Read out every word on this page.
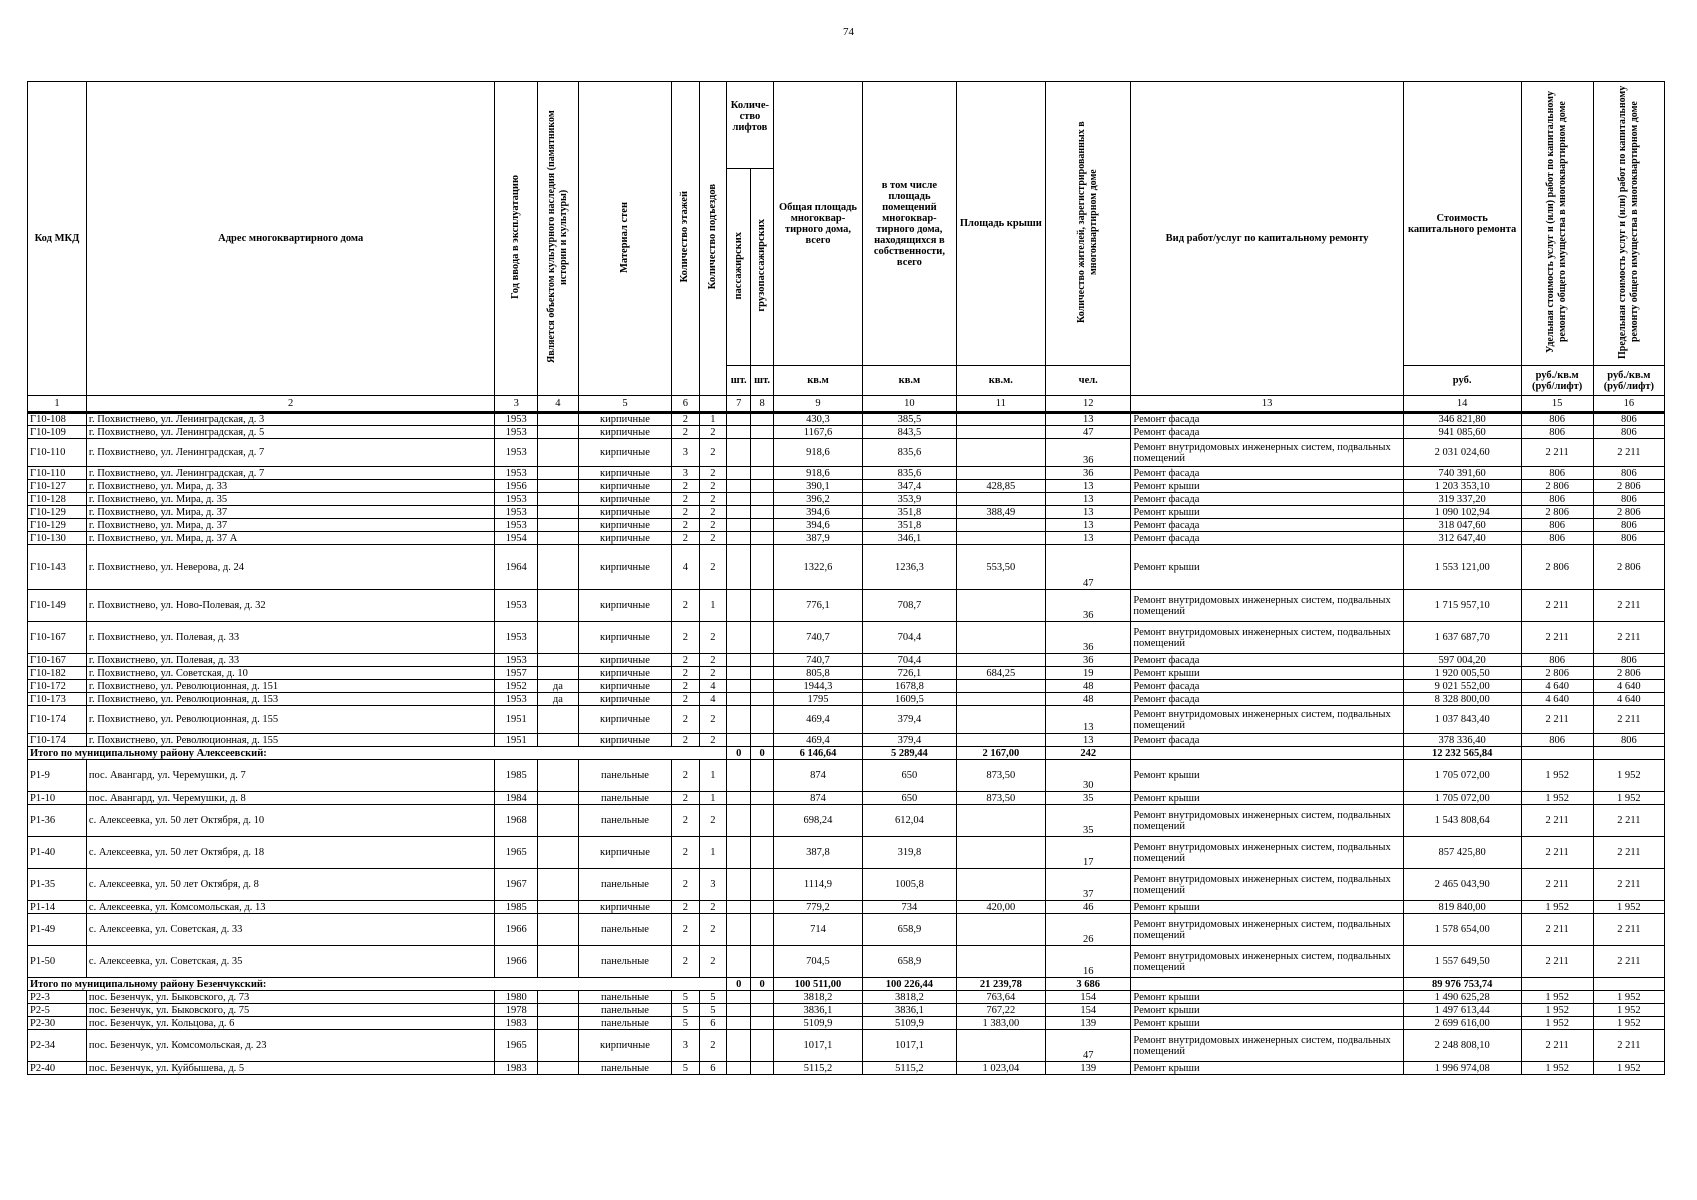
74
Код МКД	Адрес многоквартирного дома	Год ввода в эксплуатацию	Является объектом культурного наследия (памятником истории и культуры)	Материал стен	Количество этажей	Количество подъездов	Количе-ство лифтов		Общая площадь многоквар-тирного дома, всего	в том числе площадь помещений многоквар-тирного дома, находящихся в собственности, всего	Площадь крыши	Количество жителей, зарегистрированных в многоквартирном доме	Вид работ/услуг по капитальному ремонту	Стоимость капитального ремонта	Удельная стоимость услуг и (или) работ по капитальному ремонту общего имущества в многоквартирном доме	Предельная стоимость услуг и (или) работ по капитальному ремонту общего имущества в многоквартирном доме
							пассажирских	грузопассажирских								
							шт.	шт.	кв.м	кв.м	кв.м.	чел.		руб.	руб./кв.м (руб/лифт)	руб./кв.м (руб/лифт)
1	2	3	4	5	6		7	8	9	10	11	12	13	14	15	16
Г10-108	г. Похвистнево, ул. Ленинградская, д. 3	1953		кирпичные	2	1			430,3	385,5		13	Ремонт фасада	346 821,80	806	806
Г10-109	г. Похвистнево, ул. Ленинградская, д. 5	1953		кирпичные	2	2			1167,6	843,5		47	Ремонт фасада	941 085,60	806	806
Г10-110	г. Похвистнево, ул. Ленинградская, д. 7	1953		кирпичные	3	2			918,6	835,6		36	Ремонт внутридомовых инженерных систем, подвальных помещений	2 031 024,60	2 211	2 211
Г10-110	г. Похвистнево, ул. Ленинградская, д. 7	1953		кирпичные	3	2			918,6	835,6		36	Ремонт фасада	740 391,60	806	806
Г10-127	г. Похвистнево, ул. Мира, д. 33	1956		кирпичные	2	2			390,1	347,4	428,85	13	Ремонт крыши	1 203 353,10	2 806	2 806
Г10-128	г. Похвистнево, ул. Мира, д. 35	1953		кирпичные	2	2			396,2	353,9		13	Ремонт фасада	319 337,20	806	806
Г10-129	г. Похвистнево, ул. Мира, д. 37	1953		кирпичные	2	2			394,6	351,8	388,49	13	Ремонт крыши	1 090 102,94	2 806	2 806
Г10-129	г. Похвистнево, ул. Мира, д. 37	1953		кирпичные	2	2			394,6	351,8		13	Ремонт фасада	318 047,60	806	806
Г10-130	г. Похвистнево, ул. Мира, д. 37 А	1954		кирпичные	2	2			387,9	346,1		13	Ремонт фасада	312 647,40	806	806
Г10-143	г. Похвистнево, ул. Неверова, д. 24	1964		кирпичные	4	2			1322,6	1236,3	553,50	47	Ремонт крыши	1 553 121,00	2 806	2 806
Г10-149	г. Похвистнево, ул. Ново-Полевая, д. 32	1953		кирпичные	2	1			776,1	708,7		36	Ремонт внутридомовых инженерных систем, подвальных помещений	1 715 957,10	2 211	2 211
Г10-167	г. Похвистнево, ул. Полевая, д. 33	1953		кирпичные	2	2			740,7	704,4		36	Ремонт внутридомовых инженерных систем, подвальных помещений	1 637 687,70	2 211	2 211
Г10-167	г. Похвистнево, ул. Полевая, д. 33	1953		кирпичные	2	2			740,7	704,4		36	Ремонт фасада	597 004,20	806	806
Г10-182	г. Похвистнево, ул. Советская, д. 10	1957		кирпичные	2	2			805,8	726,1	684,25	19	Ремонт крыши	1 920 005,50	2 806	2 806
Г10-172	г. Похвистнево, ул. Революционная, д. 151	1952	да	кирпичные	2	4			1944,3	1678,8		48	Ремонт фасада	9 021 552,00	4 640	4 640
Г10-173	г. Похвистнево, ул. Революционная, д. 153	1953	да	кирпичные	2	4			1795	1609,5		48	Ремонт фасада	8 328 800,00	4 640	4 640
Г10-174	г. Похвистнево, ул. Революционная, д. 155	1951		кирпичные	2	2			469,4	379,4		13	Ремонт внутридомовых инженерных систем, подвальных помещений	1 037 843,40	2 211	2 211
Г10-174	г. Похвистнево, ул. Революционная, д. 155	1951		кирпичные	2	2			469,4	379,4		13	Ремонт фасада	378 336,40	806	806
Итого по муниципальному району Алексеевский:							0	0	6 146,64	5 289,44	2 167,00	242		12 232 565,84		
Р1-9	пос. Авангард, ул. Черемушки, д. 7	1985		панельные	2	1			874	650	873,50	30	Ремонт крыши	1 705 072,00	1 952	1 952
Р1-10	пос. Авангард, ул. Черемушки, д. 8	1984		панельные	2	1			874	650	873,50	35	Ремонт крыши	1 705 072,00	1 952	1 952
Р1-36	с. Алексеевка, ул. 50 лет Октября, д. 10	1968		панельные	2	2			698,24	612,04		35	Ремонт внутридомовых инженерных систем, подвальных помещений	1 543 808,64	2 211	2 211
Р1-40	с. Алексеевка, ул. 50 лет Октября, д. 18	1965		кирпичные	2	1			387,8	319,8		17	Ремонт внутридомовых инженерных систем, подвальных помещений	857 425,80	2 211	2 211
Р1-35	с. Алексеевка, ул. 50 лет Октября, д. 8	1967		панельные	2	3			1114,9	1005,8		37	Ремонт внутридомовых инженерных систем, подвальных помещений	2 465 043,90	2 211	2 211
Р1-14	с. Алексеевка, ул. Комсомольская, д. 13	1985		кирпичные	2	2			779,2	734	420,00	46	Ремонт крыши	819 840,00	1 952	1 952
Р1-49	с. Алексеевка, ул. Советская, д. 33	1966		панельные	2	2			714	658,9		26	Ремонт внутридомовых инженерных систем, подвальных помещений	1 578 654,00	2 211	2 211
Р1-50	с. Алексеевка, ул. Советская, д. 35	1966		панельные	2	2			704,5	658,9		16	Ремонт внутридомовых инженерных систем, подвальных помещений	1 557 649,50	2 211	2 211
Итого по муниципальному району Безенчукский:							0	0	100 511,00	100 226,44	21 239,78	3 686		89 976 753,74		
Р2-3	пос. Безенчук, ул. Быковского, д. 73	1980		панельные	5	5			3818,2	3818,2	763,64	154	Ремонт крыши	1 490 625,28	1 952	1 952
Р2-5	пос. Безенчук, ул. Быковского, д. 75	1978		панельные	5	5			3836,1	3836,1	767,22	154	Ремонт крыши	1 497 613,44	1 952	1 952
Р2-30	пос. Безенчук, ул. Кольцова, д. 6	1983		панельные	5	6			5109,9	5109,9	1 383,00	139	Ремонт крыши	2 699 616,00	1 952	1 952
Р2-34	пос. Безенчук, ул. Комсомольская, д. 23	1965		кирпичные	3	2			1017,1	1017,1		47	Ремонт внутридомовых инженерных систем, подвальных помещений	2 248 808,10	2 211	2 211
Р2-40	пос. Безенчук, ул. Куйбышева, д. 5	1983		панельные	5	6			5115,2	5115,2	1 023,04	139	Ремонт крыши	1 996 974,08	1 952	1 952
